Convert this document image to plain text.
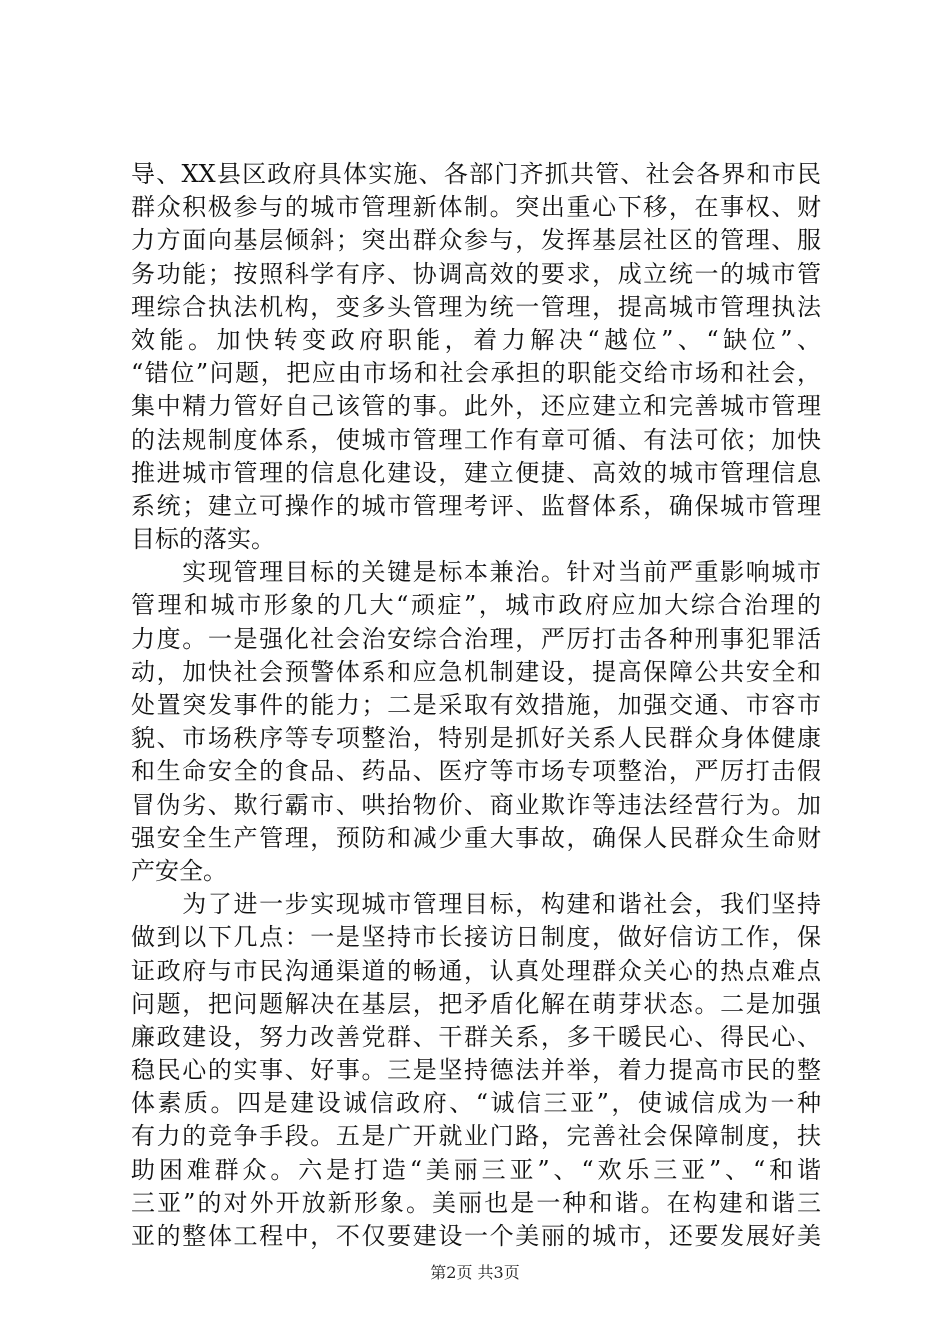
导、XX县区政府具体实施、各部门齐抓共管、社会各界和市民
群众积极参与的城市管理新体制。突出重心下移，在事权、财
力方面向基层倾斜；突出群众参与，发挥基层社区的管理、服
务功能；按照科学有序、协调高效的要求，成立统一的城市管
理综合执法机构，变多头管理为统一管理，提高城市管理执法
效能。加快转变政府职能，着力解决“越位”、“缺位”、
“错位”问题，把应由市场和社会承担的职能交给市场和社会，
集中精力管好自己该管的事。此外，还应建立和完善城市管理
的法规制度体系，使城市管理工作有章可循、有法可依；加快
推进城市管理的信息化建设，建立便捷、高效的城市管理信息
系统；建立可操作的城市管理考评、监督体系，确保城市管理
目标的落实。
　　实现管理目标的关键是标本兼治。针对当前严重影响城市
管理和城市形象的几大“顽症”，城市政府应加大综合治理的
力度。一是强化社会治安综合治理，严厉打击各种刑事犯罪活
动，加快社会预警体系和应急机制建设，提高保障公共安全和
处置突发事件的能力；二是采取有效措施，加强交通、市容市
貌、市场秩序等专项整治，特别是抓好关系人民群众身体健康
和生命安全的食品、药品、医疗等市场专项整治，严厉打击假
冒伪劣、欺行霸市、哄抬物价、商业欺诈等违法经营行为。加
强安全生产管理，预防和减少重大事故，确保人民群众生命财
产安全。
　　为了进一步实现城市管理目标，构建和谐社会，我们坚持
做到以下几点：一是坚持市长接访日制度，做好信访工作，保
证政府与市民沟通渠道的畅通，认真处理群众关心的热点难点
问题，把问题解决在基层，把矛盾化解在萌芽状态。二是加强
廉政建设，努力改善党群、干群关系，多干暖民心、得民心、
稳民心的实事、好事。三是坚持德法并举，着力提高市民的整
体素质。四是建设诚信政府、“诚信三亚”，使诚信成为一种
有力的竞争手段。五是广开就业门路，完善社会保障制度，扶
助困难群众。六是打造“美丽三亚”、“欢乐三亚”、“和谐
三亚”的对外开放新形象。美丽也是一种和谐。在构建和谐三
亚的整体工程中，不仅要建设一个美丽的城市，还要发展好美
第2页 共3页
